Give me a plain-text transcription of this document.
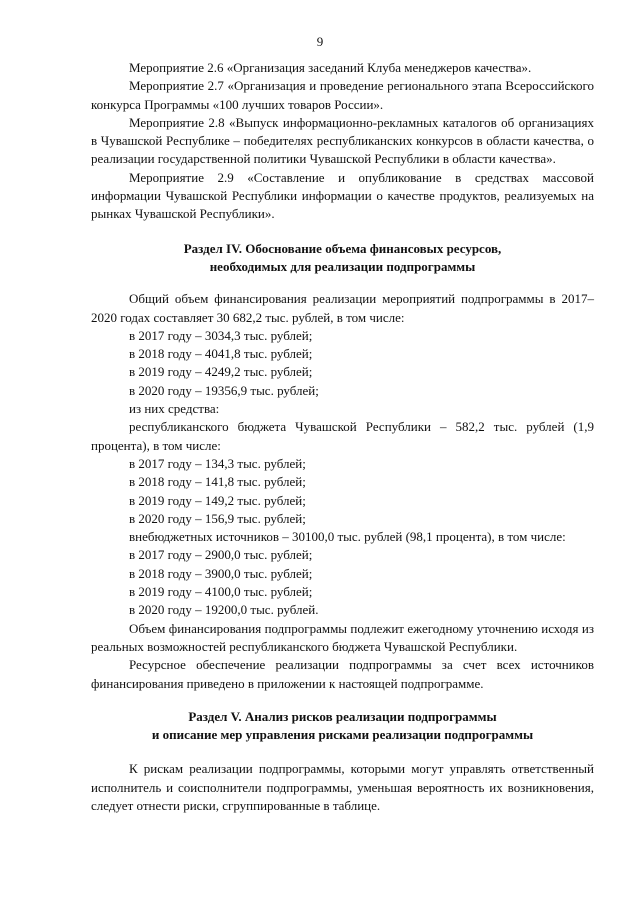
9

Мероприятие 2.6 «Организация заседаний Клуба менеджеров качества».

Мероприятие 2.7 «Организация и проведение регионального этапа Всероссийского конкурса Программы «100 лучших товаров России».

Мероприятие 2.8 «Выпуск информационно-рекламных каталогов об организациях в Чувашской Республике – победителях республиканских конкурсов в области качества, о реализации государственной политики Чувашской Республики в области качества».

Мероприятие 2.9 «Составление и опубликование в средствах массовой информации Чувашской Республики информации о качестве продуктов, реализуемых на рынках Чувашской Республики».

Раздел IV. Обоснование объема финансовых ресурсов,

необходимых для реализации подпрограммы

Общий объем финансирования реализации мероприятий подпрограммы в 2017–2020 годах составляет 30 682,2 тыс. рублей, в том числе:

в 2017 году – 3034,3 тыс. рублей;

в 2018 году – 4041,8 тыс. рублей;

в 2019 году – 4249,2 тыс. рублей;

в 2020 году – 19356,9 тыс. рублей;

из них средства:

республиканского бюджета Чувашской Республики – 582,2 тыс. рублей (1,9 процента), в том числе:

в 2017 году – 134,3 тыс. рублей;

в 2018 году – 141,8 тыс. рублей;

в 2019 году – 149,2 тыс. рублей;

в 2020 году – 156,9 тыс. рублей;

внебюджетных источников – 30100,0 тыс. рублей (98,1 процента), в том числе:

в 2017 году – 2900,0 тыс. рублей;

в 2018 году – 3900,0 тыс. рублей;

в 2019 году – 4100,0 тыс. рублей;

в 2020 году – 19200,0 тыс. рублей.

Объем финансирования подпрограммы подлежит ежегодному уточнению исходя из реальных возможностей республиканского бюджета Чувашской Республики.

Ресурсное обеспечение реализации подпрограммы за счет всех источников финансирования приведено в приложении к настоящей подпрограмме.

Раздел V. Анализ рисков реализации подпрограммы

и описание мер управления рисками реализации подпрограммы

К рискам реализации подпрограммы, которыми могут управлять ответственный исполнитель и соисполнители подпрограммы, уменьшая вероятность их возникновения, следует отнести риски, сгруппированные в таблице.
